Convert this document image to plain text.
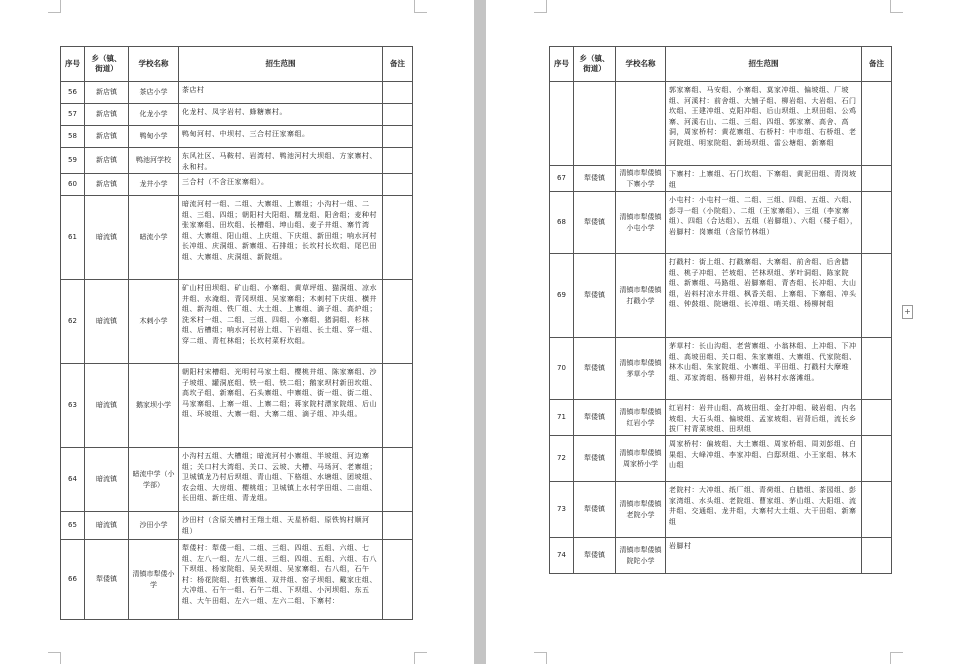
序号	乡（镇、街道）	学校名称	招生范围	备注
56	新店镇	茶店小学	茶店村	
57	新店镇	化龙小学	化龙村、凤字岩村、蜂糖寨村。	
58	新店镇	鸭甸小学	鸭甸河村、中坝村、三合村汪家寨组。	
59	新店镇	鸭池河学校	东风社区、马鞍村、岩湾村、鸭池河村大坝组、方家寨村、永和村。	
60	新店镇	龙井小学	三合村（不含汪家寨组）。	
61	暗流镇	暗流小学	暗流河村一组、二组、大寨组、上寨组；小沟村一组、二组、三组、四组；朝阳村大阳组、糯龙组、阳舍组；麦种村张家寨组、田坎组、长槽组、坤山组、麦子井组、寨竹湾组、大寨组、阳山组、上庆组、下庆组、新田组；响水河村长冲组、庆洞组、新寨组、石排组；长坎村长坎组、尾巴田组、大寨组、庆洞组、新院组。	
62	暗流镇	木刺小学	矿山村田坝组、矿山组、小寨组、黄草坪组、猫洞组、凉水井组、水淹组、青冈坝组、吴家寨组；木刺村下庆组、横井组、新沟组、铁厂组、大土组、上寨组、滴子组、高炉组；洗米村一组、二组、三组、四组、小寨组、猪洞组、杉林组、后槽组；响水河村岩上组、下岩组、长土组、穿一组、穿二组、青杠林组；长坎村菜籽坎组。	
63	暗流镇	鹅家坝小学	朝阳村宋槽组、光明村马家土组、樱桃井组、陈家寨组、沙子坡组、罐洞底组、铁一组、铁二组；鹅家坝村新田坎组、高坎子组、新寨组、石头寨组、中寨组、街一组、街二组、马家寨组、上寨一组、上寨二组；蒋家院村漂家院组、后山组、环坡组、大寨一组、大寨二组、滴子组、冲头组。	
64	暗流镇	暗流中学（小学部）	小沟村五组、大槽组；暗流河村小寨组、半坡组、河边寨组；关口村大湾组、关口、云坡、大槽、马场河、老寨组；卫城镇龙乃村后坝组、青山组、下格组、水塘组、团坡组、农会组、大房组、樱桃组；卫城镇上水村学田组、二亩组、长田组、新庄组、青龙组。	
65	暗流镇	沙田小学	沙田村（含原关槽村王翔土组、天星桥组、原铁钩村顺河组）	
66	犁倭镇	清镇市犁倭小学	犁倭村：犁倭一组、二组、三组、四组、五组、六组、七组、左八一组、左八二组、三组、四组、五组、六组、右八下坝组、杨家院组、吴关坝组、吴家寨组、右八组，石午村：杨花院组、打铁寨组、双井组、窑子坝组、戴家庄组、大冲组、石午一组、石午二组、下坝组、小河坝组、东五组、大午田组、左六一组、左六二组、下寨村：	
序号	乡（镇、街道）	学校名称	招生范围	备注
			郭家寨组、马安组、小寨组、莫家冲组、偏坡组、厂坡组、河溪村：前舍组、大铺子组、柳岩组、大岩组、石门坎组、王建冲组、克阳冲组、后山坝组、上坝田组、公鸡寨、河溪右山、二组、三组、四组、郭家寨、高舍、高洞，周家桥村：黄花寨组、右桥村：中市组、右桥组、老河院组、明家院组、新场坝组、雷公塘组、新寨组	
67	犁倭镇	清镇市犁倭镇下寨小学	下寨村：上寨组、石门坎组、下寨组、黄泥田组、青岗坡组	
68	犁倭镇	清镇市犁倭镇小屯小学	小屯村：小屯村一组、二组、三组、四组、五组、六组、彭寻一组（小院组）、二组（王家寨组）、三组（李家寨组）、四组（合达组）、五组（岩脚组）、六组（楼子组），岩脚村：岗寨组（含原竹林组）	
69	犁倭镇	清镇市犁倭镇打戳小学	打戳村：街上组、打戳寨组、大寨组、前舍组、后舍腊组、桃子冲组、芒坡组、芒林坝组、茅叶洞组、陈家院组、新寨组、马路组、岩脚寨组、青杏组、长冲组、大山组，岩料村凉水井组、枫香关组、上寨组、下寨组、冲头组、钟鼓组、院塘组、长冲组、哨关组、杨柳树组	
70	犁倭镇	清镇市犁倭镇茅草小学	茅草村：长山沟组、老营寨组、小翁林组、上冲组、下冲组、高坡田组、关口组、朱家寨组、大寨组、代家院组、林木山组、朱家院组、小寨组、平田组、打戳村大摩堆组、邓家湾组、杨柳井组，岩林村水落滩组。	
71	犁倭镇	清镇市犁倭镇红岩小学	红岩村：岩井山组、高坡田组、金打冲组、破岩组、内名坡组、大石头组、偏坡组、孟家坡组、岩背后组，流长乡拔厂村青菜坡组、田坝组	
72	犁倭镇	清镇市犁倭镇周家桥小学	周家桥村：偏坡组、大土寨组、周家桥组、周刘彭组、白果组、大峰冲组、李家冲组、白邸坝组、小王家组、林木山组	
73	犁倭镇	清镇市犁倭镇老院小学	老院村：大冲组、纸厂组、青荷组、白腊组、茶园组、彭家湾组、水头组、老院组、曹家组、茅山组、大阳组、流井组、交通组、龙井组，大寨村大土组、大干田组、新寨组	
74	犁倭镇	清镇市犁倭镇院陀小学	岩脚村	
+
